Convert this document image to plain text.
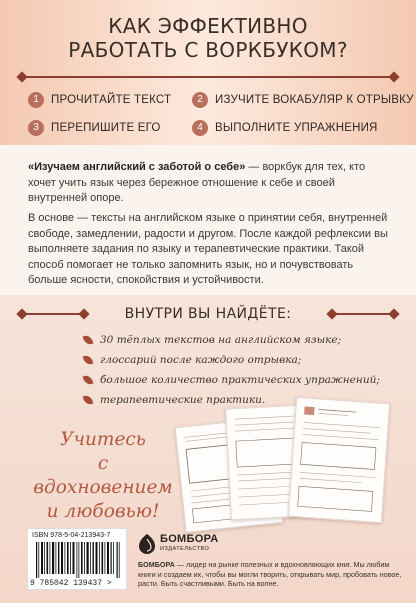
КАК ЭФФЕКТИВНО
РАБОТАТЬ С ВОРКБУКОМ?
1	ПРОЧИТАЙТЕ ТЕКСТ	2	ИЗУЧИТЕ ВОКАБУЛЯР К ОТРЫВКУ
3	ПЕРЕПИШИТЕ ЕГО	4	ВЫПОЛНИТЕ УПРАЖНЕНИЯ
«Изучаем английский с заботой о себе» — воркбук для тех, кто хочет учить язык через бережное отношение к себе и своей внутренней опоре.
В основе — тексты на английском языке о принятии себя, внутренней свободе, замедлении, радости и другом. После каждой рефлексии вы выполняете задания по языку и терапевтические практики. Такой способ помогает не только запомнить язык, но и почувствовать больше ясности, спокойствия и устойчивости.
ВНУТРИ ВЫ НАЙДЁТЕ:
30 тёплых текстов на английском языке;
глоссарий после каждого отрывка;
большое количество практических упражнений;
терапевтические практики.
Учитесь
с вдохновением
и любовью!
ISBN 978-5-04-213943-7
9 785042 139437 >
БОМБОРА
ИЗДАТЕЛЬСТВО
БОМБОРА — лидер на рынке полезных и вдохновляющих книг. Мы любим книги и создаем их, чтобы вы могли творить, открывать мир, пробовать новое, расти. Быть счастливыми. Быть на волне.
